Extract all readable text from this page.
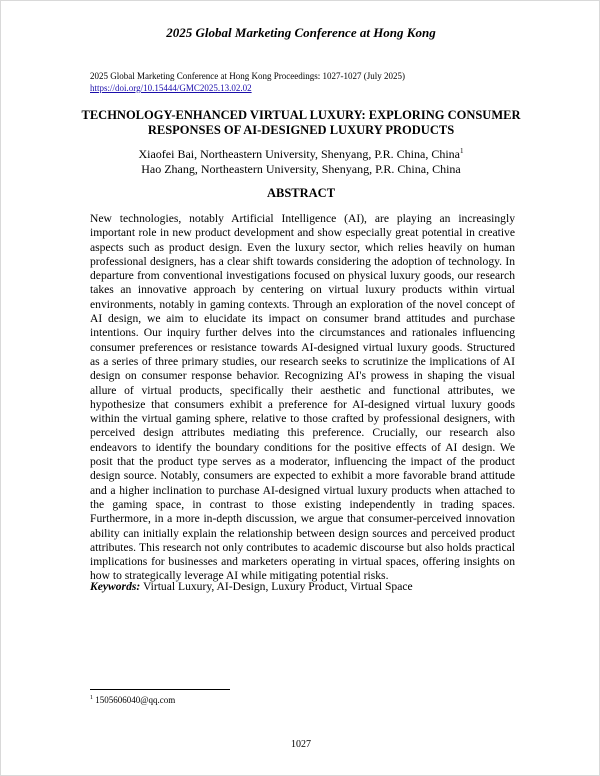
2025 Global Marketing Conference at Hong Kong
2025 Global Marketing Conference at Hong Kong Proceedings: 1027-1027 (July 2025)
https://doi.org/10.15444/GMC2025.13.02.02
TECHNOLOGY-ENHANCED VIRTUAL LUXURY: EXPLORING CONSUMER RESPONSES OF AI-DESIGNED LUXURY PRODUCTS
Xiaofei Bai, Northeastern University, Shenyang, P.R. China, China$^1$
Hao Zhang, Northeastern University, Shenyang, P.R. China, China
ABSTRACT
New technologies, notably Artificial Intelligence (AI), are playing an increasingly important role in new product development and show especially great potential in creative aspects such as product design. Even the luxury sector, which relies heavily on human professional designers, has a clear shift towards considering the adoption of technology. In departure from conventional investigations focused on physical luxury goods, our research takes an innovative approach by centering on virtual luxury products within virtual environments, notably in gaming contexts. Through an exploration of the novel concept of AI design, we aim to elucidate its impact on consumer brand attitudes and purchase intentions. Our inquiry further delves into the circumstances and rationales influencing consumer preferences or resistance towards AI-designed virtual luxury goods. Structured as a series of three primary studies, our research seeks to scrutinize the implications of AI design on consumer response behavior. Recognizing AI's prowess in shaping the visual allure of virtual products, specifically their aesthetic and functional attributes, we hypothesize that consumers exhibit a preference for AI-designed virtual luxury goods within the virtual gaming sphere, relative to those crafted by professional designers, with perceived design attributes mediating this preference. Crucially, our research also endeavors to identify the boundary conditions for the positive effects of AI design. We posit that the product type serves as a moderator, influencing the impact of the product design source. Notably, consumers are expected to exhibit a more favorable brand attitude and a higher inclination to purchase AI-designed virtual luxury products when attached to the gaming space, in contrast to those existing independently in trading spaces. Furthermore, in a more in-depth discussion, we argue that consumer-perceived innovation ability can initially explain the relationship between design sources and perceived product attributes. This research not only contributes to academic discourse but also holds practical implications for businesses and marketers operating in virtual spaces, offering insights on how to strategically leverage AI while mitigating potential risks.
Keywords: Virtual Luxury, AI-Design, Luxury Product, Virtual Space
$^1$ 1505606040@qq.com
1027
